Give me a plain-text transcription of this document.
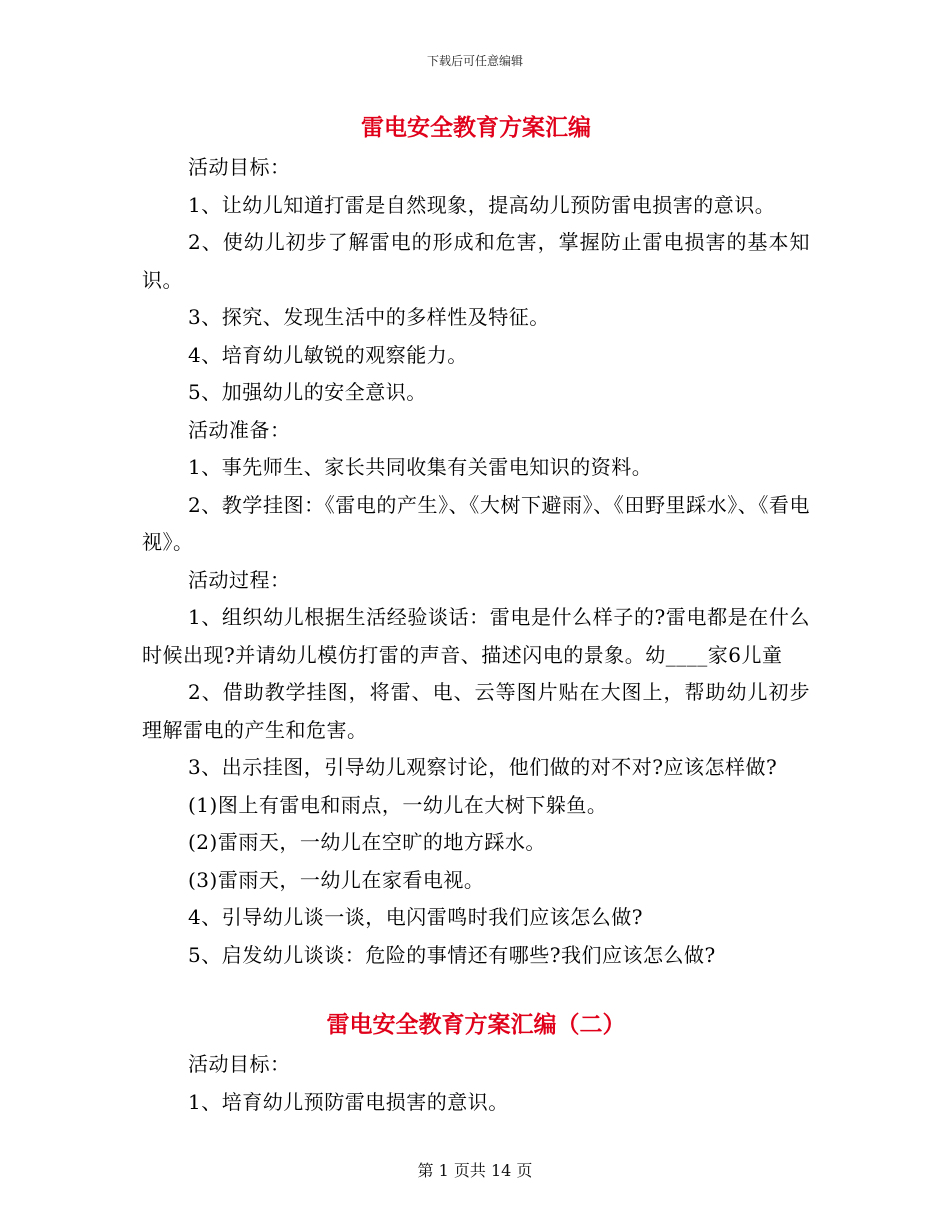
下载后可任意编辑
雷电安全教育方案汇编

活动目标：

1、让幼儿知道打雷是自然现象，提高幼儿预防雷电损害的意识。

2、使幼儿初步了解雷电的形成和危害，掌握防止雷电损害的基本知识。

3、探究、发现生活中的多样性及特征。

4、培育幼儿敏锐的观察能力。

5、加强幼儿的安全意识。

活动准备：

1、事先师生、家长共同收集有关雷电知识的资料。

2、教学挂图：《雷电的产生》、《大树下避雨》、《田野里踩水》、《看电视》。

活动过程：

1、组织幼儿根据生活经验谈话：雷电是什么样子的?雷电都是在什么时候出现?并请幼儿模仿打雷的声音、描述闪电的景象。幼____家6儿童

2、借助教学挂图，将雷、电、云等图片贴在大图上，帮助幼儿初步理解雷电的产生和危害。

3、出示挂图，引导幼儿观察讨论，他们做的对不对?应该怎样做?

(1)图上有雷电和雨点，一幼儿在大树下躲鱼。

(2)雷雨天，一幼儿在空旷的地方踩水。

(3)雷雨天，一幼儿在家看电视。

4、引导幼儿谈一谈，电闪雷鸣时我们应该怎么做?

5、启发幼儿谈谈：危险的事情还有哪些?我们应该怎么做?

雷电安全教育方案汇编（二）

活动目标：

1、培育幼儿预防雷电损害的意识。

第 1 页共 14 页
